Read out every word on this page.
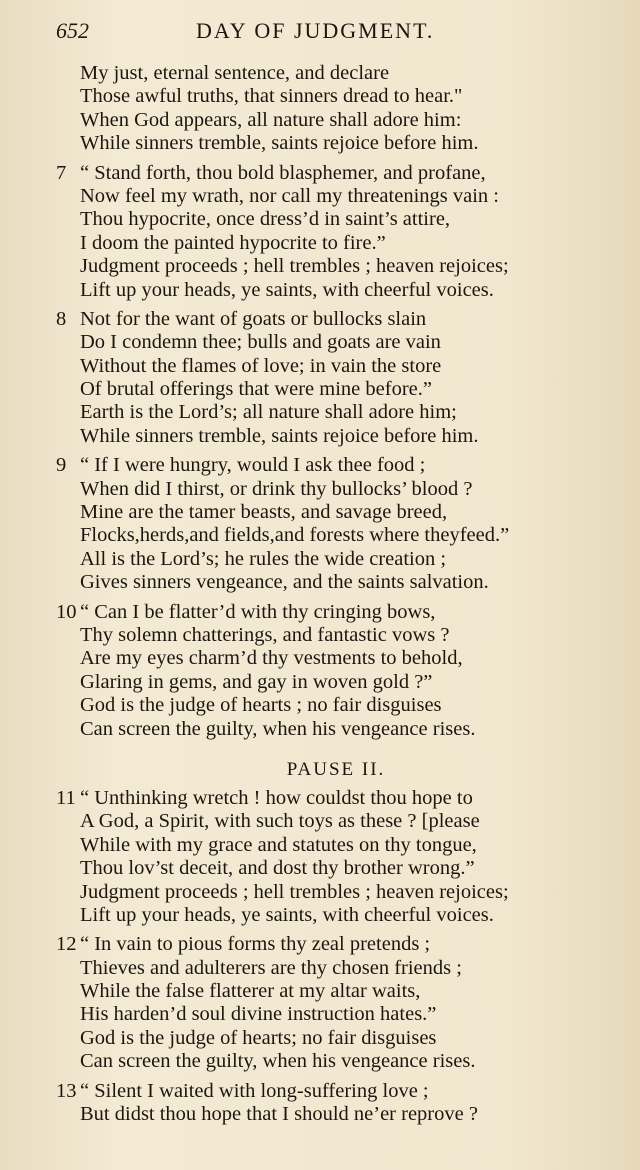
652	DAY OF JUDGMENT.
My just, eternal sentence, and declare
Those awful truths, that sinners dread to hear."
When God appears, all nature shall adore him:
While sinners tremble, saints rejoice before him.
7 “ Stand forth, thou bold blasphemer, and profane,
Now feel my wrath, nor call my threatenings vain :
Thou hypocrite, once dress’d in saint’s attire,
I doom the painted hypocrite to fire.”
Judgment proceeds ; hell trembles ; heaven rejoices;
Lift up your heads, ye saints, with cheerful voices.
8 Not for the want of goats or bullocks slain
Do I condemn thee; bulls and goats are vain
Without the flames of love; in vain the store
Of brutal offerings that were mine before.”
Earth is the Lord’s; all nature shall adore him;
While sinners tremble, saints rejoice before him.
9 “ If I were hungry, would I ask thee food ;
When did I thirst, or drink thy bullocks’ blood ?
Mine are the tamer beasts, and savage breed,
Flocks,herds,and fields,and forests where theyfeed.”
All is the Lord’s; he rules the wide creation ;
Gives sinners vengeance, and the saints salvation.
10 “ Can I be flatter’d with thy cringing bows,
Thy solemn chatterings, and fantastic vows ?
Are my eyes charm’d thy vestments to behold,
Glaring in gems, and gay in woven gold ?”
God is the judge of hearts ; no fair disguises
Can screen the guilty, when his vengeance rises.
PAUSE II.
11 “ Unthinking wretch ! how couldst thou hope to
A God, a Spirit, with such toys as these ? [please
While with my grace and statutes on thy tongue,
Thou lov’st deceit, and dost thy brother wrong.”
Judgment proceeds ; hell trembles ; heaven rejoices;
Lift up your heads, ye saints, with cheerful voices.
12 “ In vain to pious forms thy zeal pretends ;
Thieves and adulterers are thy chosen friends ;
While the false flatterer at my altar waits,
His harden’d soul divine instruction hates.”
God is the judge of hearts; no fair disguises
Can screen the guilty, when his vengeance rises.
13 “ Silent I waited with long-suffering love ;
But didst thou hope that I should ne’er reprove ?
